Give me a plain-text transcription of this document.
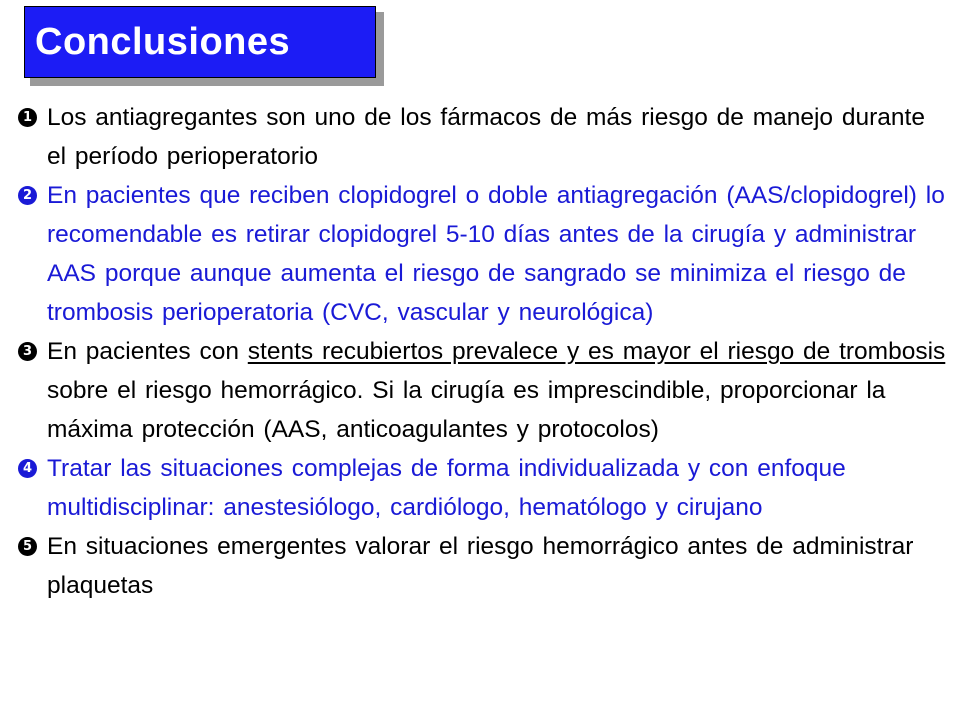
Conclusiones
1 Los antiagregantes son uno de los fármacos de más riesgo de manejo durante el período perioperatorio
2 En pacientes que reciben clopidogrel o doble antiagregación (AAS/clopidogrel) lo recomendable es retirar clopidogrel 5-10 días antes de la cirugía y administrar AAS porque aunque aumenta el riesgo de sangrado se minimiza el riesgo de trombosis perioperatoria (CVC, vascular y neurológica)
3 En pacientes con stents recubiertos prevalece y es mayor el riesgo de trombosis sobre el riesgo hemorrágico. Si la cirugía es imprescindible, proporcionar la máxima protección (AAS, anticoagulantes y protocolos)
4 Tratar las situaciones complejas de forma individualizada y con enfoque multidisciplinar: anestesiólogo, cardiólogo, hematólogo y cirujano
5 En situaciones emergentes valorar el riesgo hemorrágico antes de administrar plaquetas
